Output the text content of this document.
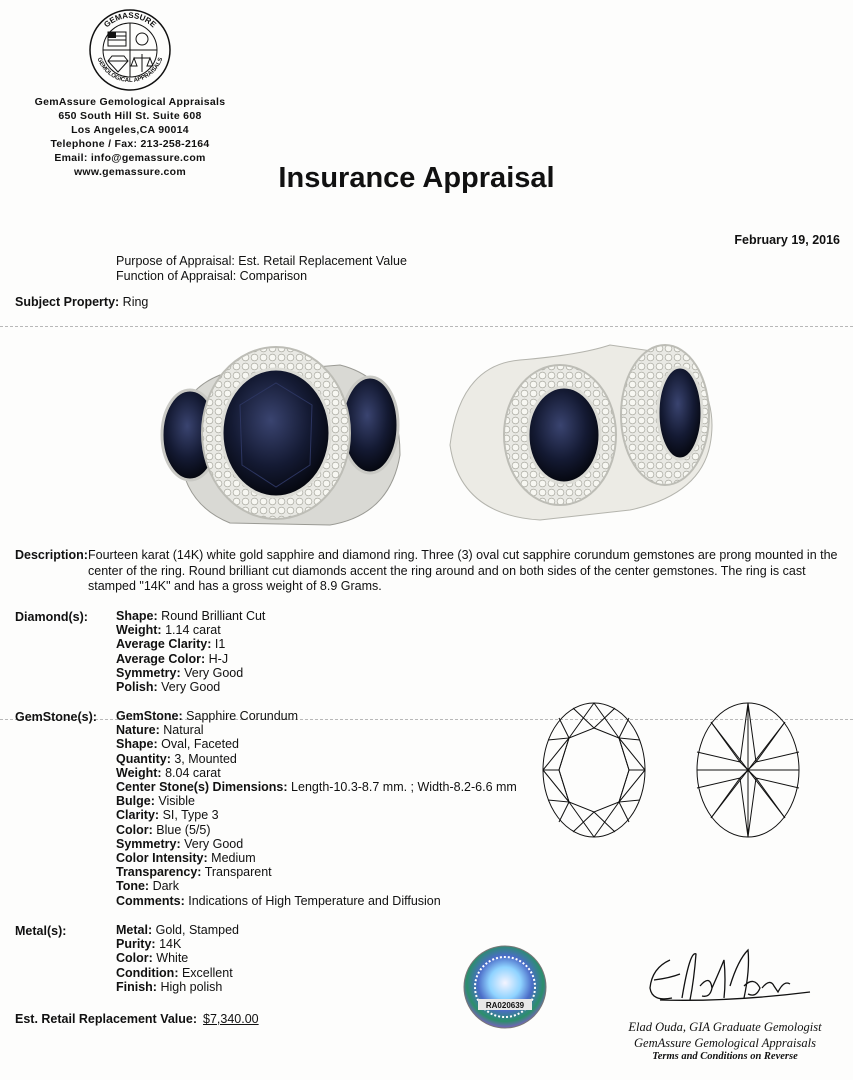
GEMASSURE
GEMOLOGICAL APPRAISALS
GemAssure Gemological Appraisals
650 South Hill St. Suite 608
Los Angeles,CA 90014
Telephone / Fax: 213-258-2164
Email: info@gemassure.com
www.gemassure.com	Insurance Appraisal
February 19, 2016
Purpose of Appraisal: Est. Retail Replacement Value
Function of Appraisal: Comparison
Subject Property: Ring
Description: Fourteen karat (14K) white gold sapphire and diamond ring. Three (3) oval cut sapphire corundum gemstones are prong mounted in the center of the ring. Round brilliant cut diamonds accent the ring around and on both sides of the center gemstones. The ring is cast stamped "14K" and has a gross weight of 8.9 Grams.
Diamond(s): Shape: Round Brilliant Cut
Weight: 1.14 carat
Average Clarity: I1
Average Color: H-J
Symmetry: Very Good
Polish: Very Good
GemStone(s): GemStone: Sapphire Corundum
Nature: Natural
Shape: Oval, Faceted
Quantity: 3, Mounted
Weight: 8.04 carat
Center Stone(s) Dimensions: Length-10.3-8.7 mm. ; Width-8.2-6.6 mm
Bulge: Visible
Clarity: SI, Type 3
Color: Blue (5/5)
Symmetry: Very Good
Color Intensity: Medium
Transparency: Transparent
Tone: Dark
Comments: Indications of High Temperature and Diffusion
Metal(s):	Metal: Gold, Stamped
Purity: 14K
Color: White
Condition: Excellent
Finish: High polish
Est. Retail Replacement Value: $7,340.00
RA020639
Elad Ouda
Elad Ouda, GIA Graduate Gemologist
GemAssure Gemological Appraisals
Terms and Conditions on Reverse
